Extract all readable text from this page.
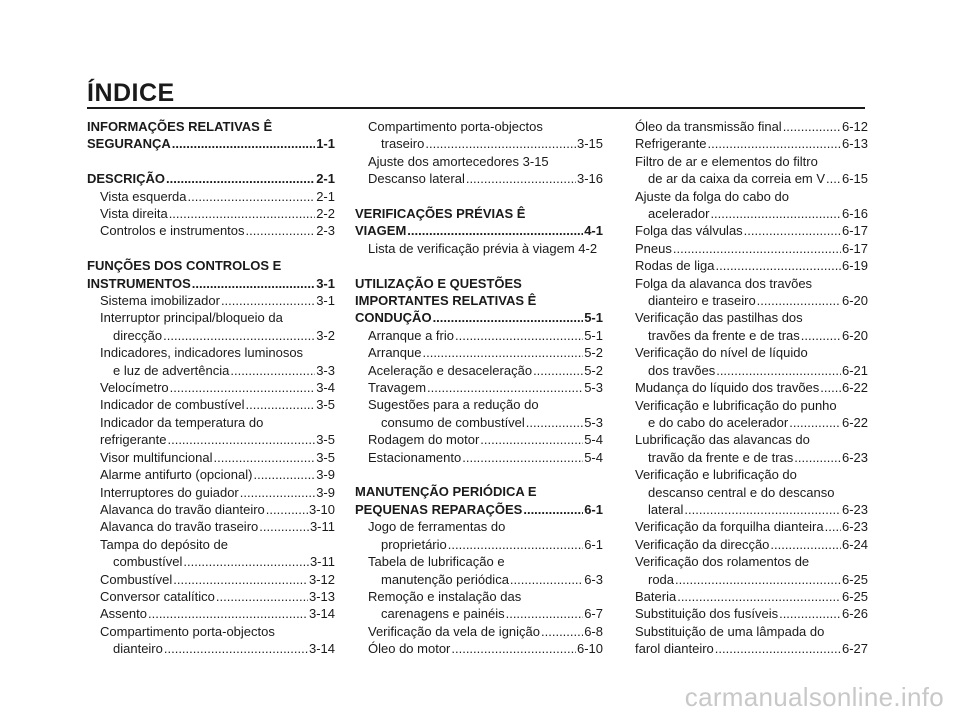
ÍNDICE
INFORMAÇÕES RELATIVAS Ê
SEGURANÇA .....	1-1
DESCRIÇÃO .....	2-1
Vista esquerda .....	2-1
Vista direita .....	2-2
Controlos e instrumentos .....	2-3
FUNÇÕES DOS CONTROLOS E
INSTRUMENTOS .....	3-1
Sistema imobilizador .....	3-1
Interruptor principal/bloqueio da
direcção .....	3-2
Indicadores, indicadores luminosos
e luz de advertência .....	3-3
Velocímetro .....	3-4
Indicador de combustível .....	3-5
Indicador da temperatura do
refrigerante .....	3-5
Visor multifuncional .....	3-5
Alarme antifurto (opcional) .....	3-9
Interruptores do guiador .....	3-9
Alavanca do travão dianteiro .....	3-10
Alavanca do travão traseiro .....	3-11
Tampa do depósito de
combustível .....	3-11
Combustível .....	3-12
Conversor catalítico .....	3-13
Assento .....	3-14
Compartimento porta-objectos
dianteiro .....	3-14
Compartimento porta-objectos
traseiro .....	3-15
Ajuste dos amortecedores 3-15
Descanso lateral .....	3-16
VERIFICAÇÕES PRÉVIAS Ê
VIAGEM .....	4-1
Lista de verificação prévia à viagem 4-2
UTILIZAÇÃO E QUESTÕES
IMPORTANTES RELATIVAS Ê
CONDUÇÃO .....	5-1
Arranque a frio .....	5-1
Arranque .....	5-2
Aceleração e desaceleração .....	5-2
Travagem .....	5-3
Sugestões para a redução do
consumo de combustível .....	5-3
Rodagem do motor .....	5-4
Estacionamento .....	5-4
MANUTENÇÃO PERIÓDICA E
PEQUENAS REPARAÇÕES .....	6-1
Jogo de ferramentas do
proprietário .....	6-1
Tabela de lubrificação e
manutenção periódica .....	6-3
Remoção e instalação das
carenagens e painéis .....	6-7
Verificação da vela de ignição .....	6-8
Óleo do motor .....	6-10
Óleo da transmissão final .....	6-12
Refrigerante .....	6-13
Filtro de ar e elementos do filtro
de ar da caixa da correia em V ..... 6-15
Ajuste da folga do cabo do
acelerador .....	6-16
Folga das válvulas .....	6-17
Pneus .....	6-17
Rodas de liga .....	6-19
Folga da alavanca dos travões
dianteiro e traseiro .....	6-20
Verificação das pastilhas dos
travões da frente e de tras .....	6-20
Verificação do nível de líquido
dos travões .....	6-21
Mudança do líquido dos travões ..... 6-22
Verificação e lubrificação do punho
e do cabo do acelerador .....	6-22
Lubrificação das alavancas do
travão da frente e de tras .....	6-23
Verificação e lubrificação do
descanso central e do descanso
lateral .....	6-23
Verificação da forquilha dianteira ..... 6-23
Verificação da direcção .....	6-24
Verificação dos rolamentos de
roda .....	6-25
Bateria .....	6-25
Substituição dos fusíveis .....	6-26
Substituição de uma lâmpada do
farol dianteiro .....	6-27
carmanualsonline.info
